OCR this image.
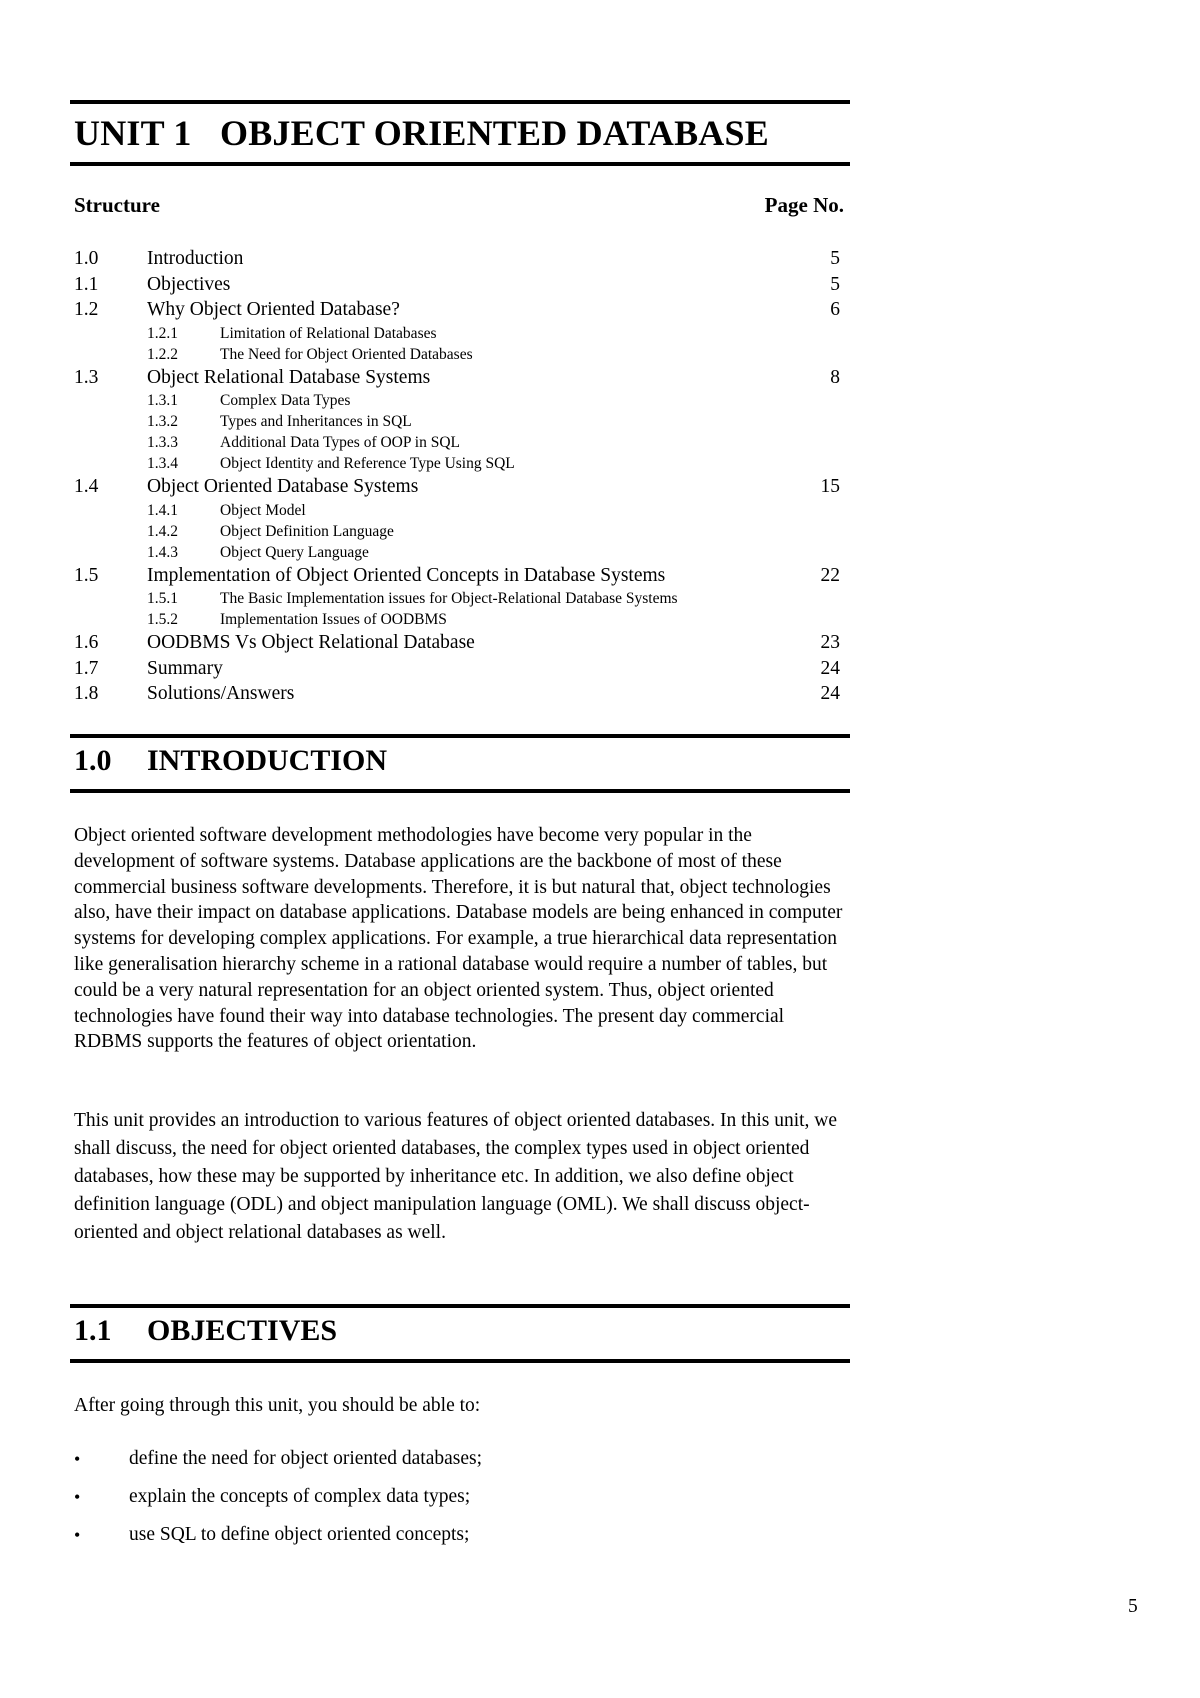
UNIT 1 OBJECT ORIENTED DATABASE
Structure	Page No.
1.0	Introduction	5
1.1	Objectives	5
1.2	Why Object Oriented Database?	6
1.2.1	Limitation of Relational Databases
1.2.2	The Need for Object Oriented Databases
1.3	Object Relational Database Systems	8
1.3.1	Complex Data Types
1.3.2	Types and Inheritances in SQL
1.3.3	Additional Data Types of OOP in SQL
1.3.4	Object Identity and Reference Type Using SQL
1.4	Object Oriented Database Systems	15
1.4.1	Object Model
1.4.2	Object Definition Language
1.4.3	Object Query Language
1.5	Implementation of Object Oriented Concepts in Database Systems	22
1.5.1	The Basic Implementation issues for Object-Relational Database Systems
1.5.2	Implementation Issues of OODBMS
1.6	OODBMS Vs Object Relational Database	23
1.7	Summary	24
1.8	Solutions/Answers	24
1.0 INTRODUCTION

Object oriented software development methodologies have become very popular in the development of software systems. Database applications are the backbone of most of these commercial business software developments. Therefore, it is but natural that, object technologies also, have their impact on database applications. Database models are being enhanced in computer systems for developing complex applications. For example, a true hierarchical data representation like generalisation hierarchy scheme in a rational database would require a number of tables, but could be a very natural representation for an object oriented system. Thus, object oriented technologies have found their way into database technologies. The present day commercial RDBMS supports the features of object orientation.

This unit provides an introduction to various features of object oriented databases. In this unit, we shall discuss, the need for object oriented databases, the complex types used in object oriented databases, how these may be supported by inheritance etc. In addition, we also define object definition language (ODL) and object manipulation language (OML). We shall discuss object-oriented and object relational databases as well.

1.1 OBJECTIVES

After going through this unit, you should be able to:

•	define the need for object oriented databases;
•	explain the concepts of complex data types;
•	use SQL to define object oriented concepts;
5
